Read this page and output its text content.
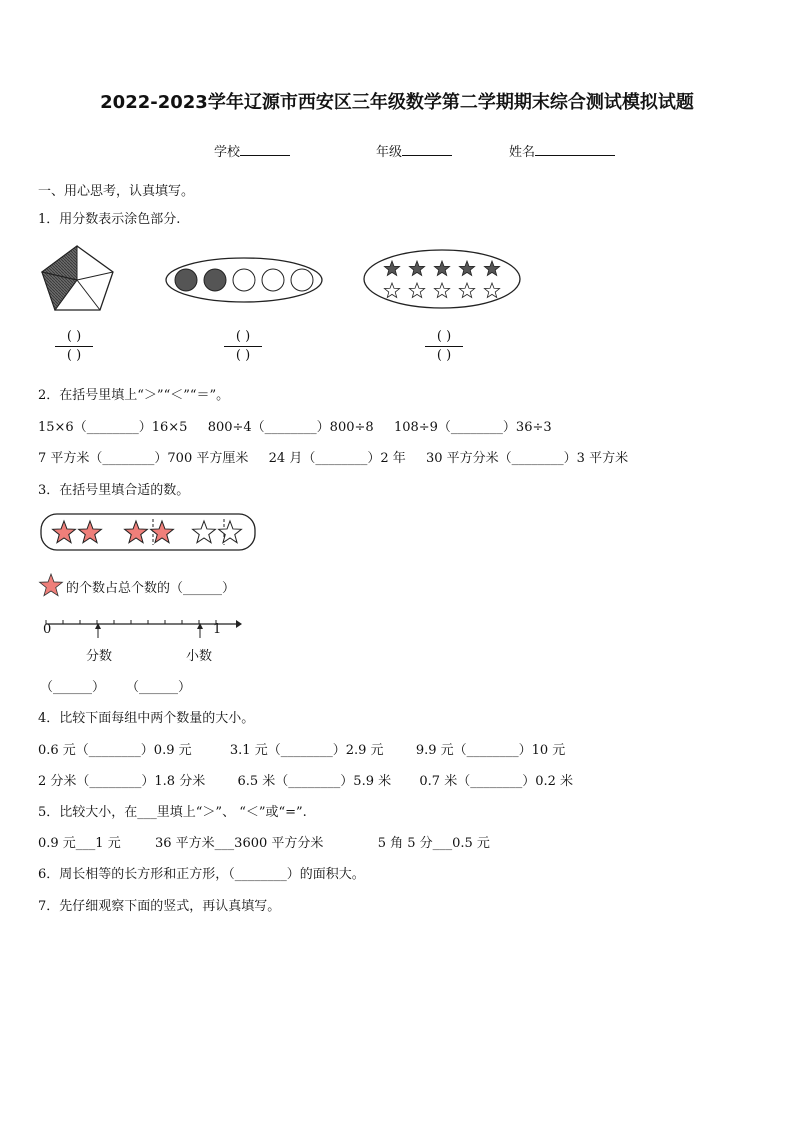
2022-2023学年辽源市西安区三年级数学第二学期期末综合测试模拟试题
学校	年级	姓名
一、用心思考，认真填写。
1．用分数表示涂色部分.
( )
( )
( )
( )
( )
( )
2．在括号里填上“＞”“＜”“＝”。
15×6（________）16×5 800÷4（________）800÷8 108÷9（________）36÷3
7 平方米（________）700 平方厘米 24 月（________）2 年 30 平方分米（________）3 平方米
3．在括号里填合适的数。
的个数占总个数的（______）
0	1
分数	小数
（______） （______）
4．比较下面每组中两个数量的大小。
0.6 元（________）0.9 元	3.1 元（________）2.9 元 9.9 元（________）10 元
2 分米（________）1.8 分米 6.5 米（________）5.9 米 0.7 米（________）0.2 米
5．比较大小，在___里填上“＞”、 “＜”或“=”.
0.9 元___1 元	36 平方米___3600 平方分米	5 角 5 分___0.5 元
6．周长相等的长方形和正方形，（________）的面积大。
7．先仔细观察下面的竖式，再认真填写。
